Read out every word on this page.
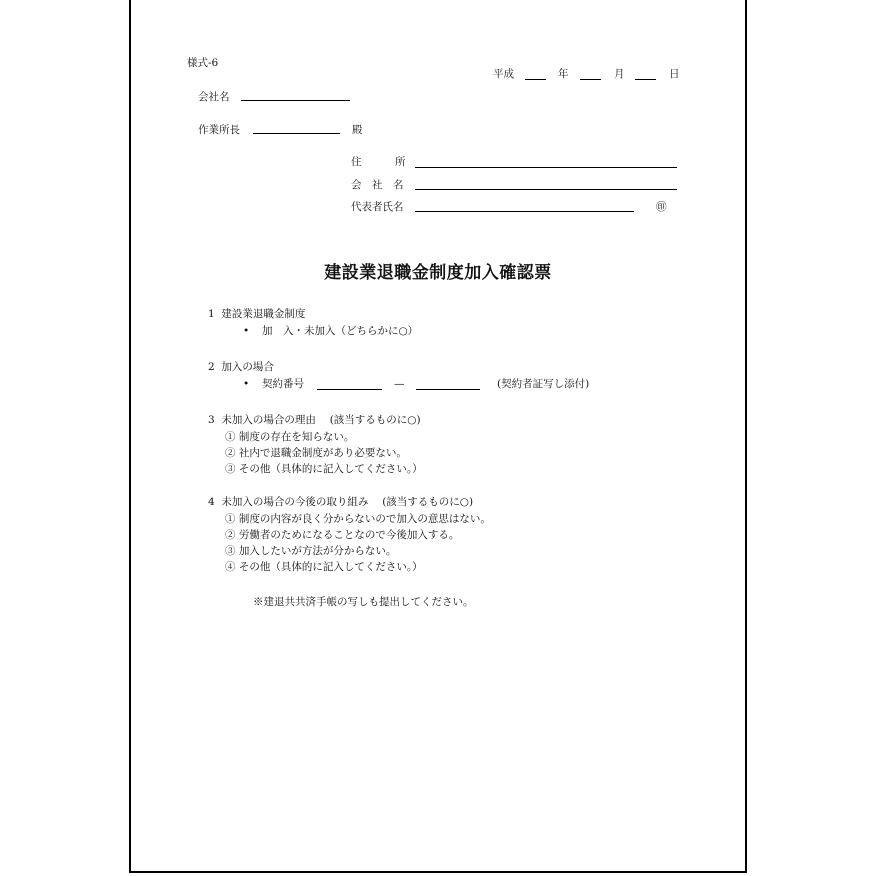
様式-6
平成	年	月	日
会社名
作業所長	殿
住	所
会　社　名
代表者氏名	㊞
建設業退職金制度加入確認票
1  建設業退職金制度
• 加　入・未加入（どちらかに○）
2  加入の場合
• 契約番号	—	(契約者証写し添付)
3  未加入の場合の理由　 (該当するものに○)
① 制度の存在を知らない。
② 社内で退職金制度があり必要ない。
③ その他（具体的に記入してください。）
4  未加入の場合の今後の取り組み　 (該当するものに○)
① 制度の内容が良く分からないので加入の意思はない。
② 労働者のためになることなので今後加入する。
③ 加入したいが方法が分からない。
④ その他（具体的に記入してください。）
※建退共共済手帳の写しも提出してください。
